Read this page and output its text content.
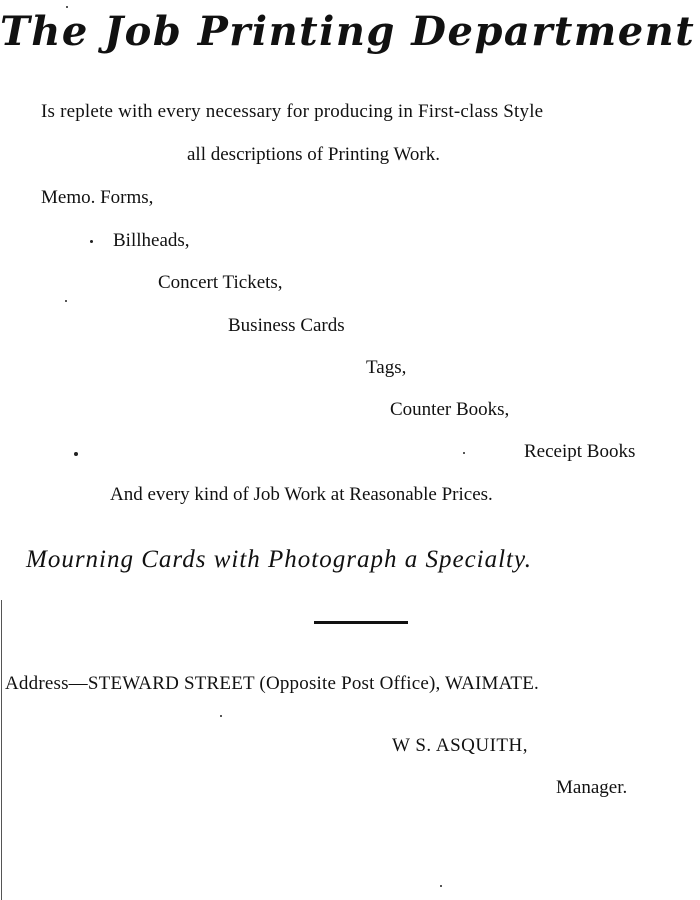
The Job Printing Department
Is replete with every necessary for producing in First-class Style
all descriptions of Printing Work.
Memo. Forms,
Billheads,
Concert Tickets,
Business Cards
Tags,
Counter Books,
Receipt Books
And every kind of Job Work at Reasonable Prices.
Mourning Cards with Photograph a Specialty.
Address—STEWARD STREET (Opposite Post Office), WAIMATE.
W S. ASQUITH,
Manager.
